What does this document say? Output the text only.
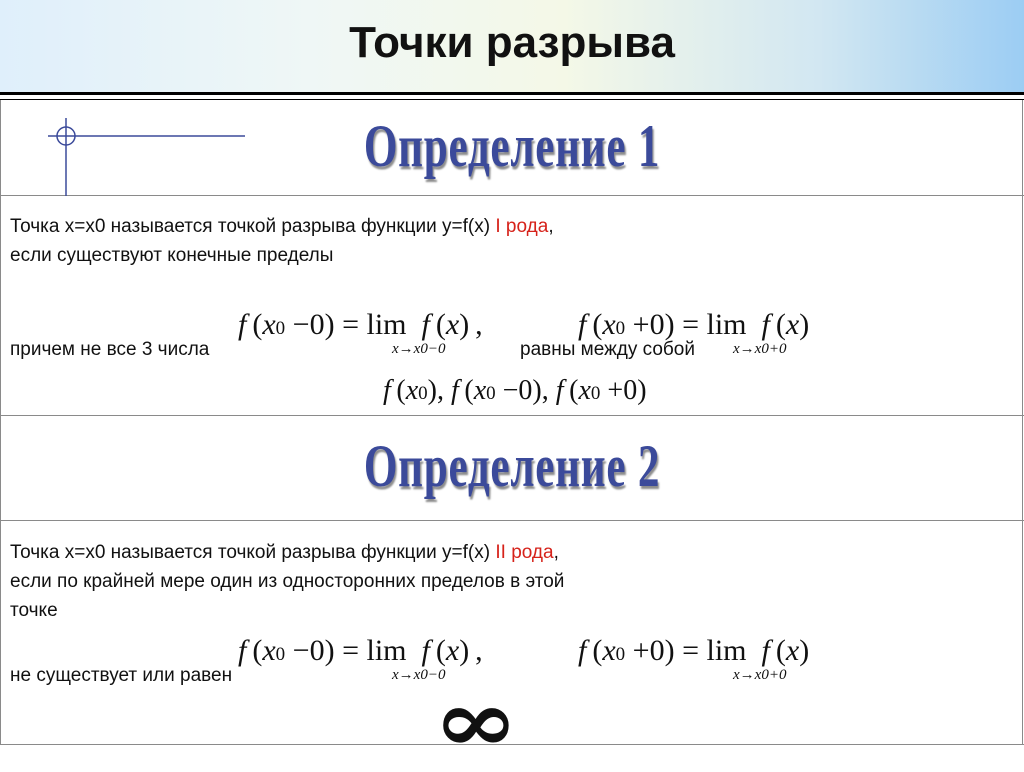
Точки разрыва
Определение 1
Точка x=x0 называется точкой разрыва функции y=f(x) I рода,
если существуют конечные пределы
f (x0 −0) = lim f (x) ,
x→x0−0
f (x0 +0) = lim f (x)
x→x0+0
причем не все 3 числа	равны между собой
f (x0), f (x0 −0), f (x0 +0)
Определение 2
Точка x=x0 называется точкой разрыва функции y=f(x) II рода,
если по крайней мере один из односторонних пределов в этой
точке
f (x0 −0) = lim f (x) ,
x→x0−0
f (x0 +0) = lim f (x)
x→x0+0
не существует или равен ∞
